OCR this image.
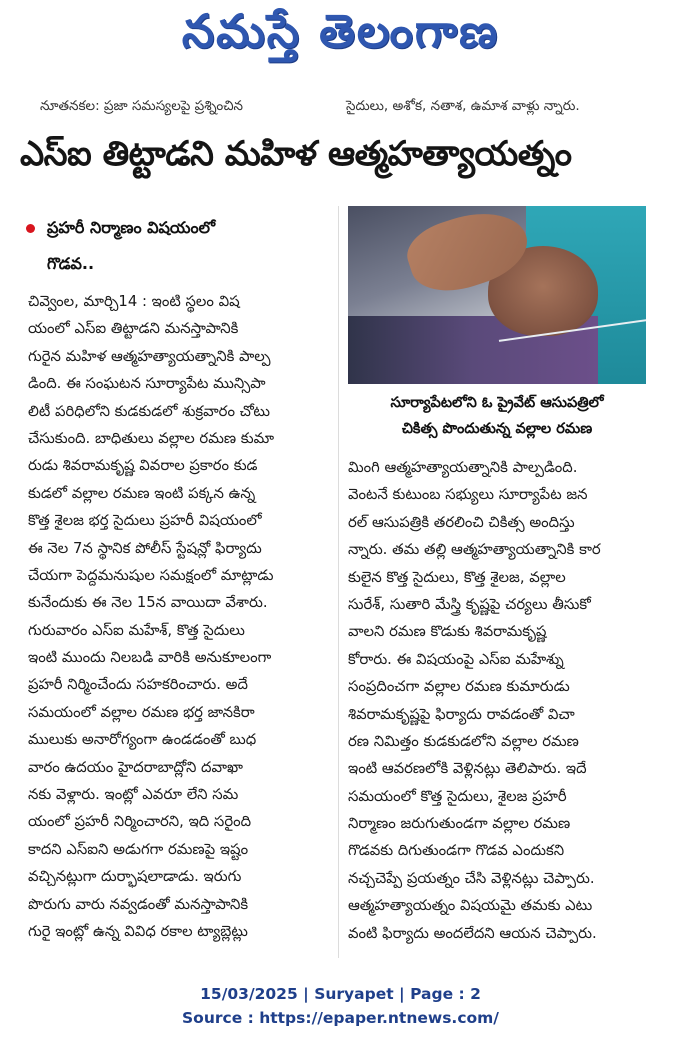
నమస్తే తెలంగాణ
నూతనకల: ప్రజా సమస్యలపై ప్రశ్నించిన	సైదులు, అశోక, నతాశ, ఉమాశ వాళ్లు న్నారు.
ఎస్ఐ తిట్టాడని మహిళ ఆత్మహత్యాయత్నం
ప్రహరీ నిర్మాణం విషయంలో
గొడవ..
సూర్యాపేటలోని ఓ ప్రైవేట్ ఆసుపత్రిలో
చికిత్స పొందుతున్న వల్లాల రమణ
చివ్వెంల, మార్చి14 : ఇంటి స్థలం విష
యంలో ఎస్ఐ తిట్టాడని మనస్తాపానికి
గురైన మహిళ ఆత్మహత్యాయత్నానికి పాల్ప
డింది. ఈ సంఘటన సూర్యాపేట మున్సిపా
లిటీ పరిధిలోని కుడకుడలో శుక్రవారం చోటు
చేసుకుంది. బాధితులు వల్లాల రమణ కుమా
రుడు శివరామకృష్ణ వివరాల ప్రకారం కుడ
కుడలో వల్లాల రమణ ఇంటి పక్కన ఉన్న
కొత్త శైలజ భర్త సైదులు ప్రహరీ విషయంలో
ఈ నెల 7న స్థానిక పోలీస్ స్టేషన్లో ఫిర్యాదు
చేయగా పెద్దమనుషుల సమక్షంలో మాట్లాడు
కునేందుకు ఈ నెల 15న వాయిదా వేశారు.
గురువారం ఎస్ఐ మహేశ్, కొత్త సైదులు
ఇంటి ముందు నిలబడి వారికి అనుకూలంగా
ప్రహరీ నిర్మించేందు సహకరించారు. అదే
సమయంలో వల్లాల రమణ భర్త జానకిరా
ములుకు అనారోగ్యంగా ఉండడంతో బుధ
వారం ఉదయం హైదరాబాద్లోని దవాఖా
నకు వెళ్లారు. ఇంట్లో ఎవరూ లేని సమ
యంలో ప్రహరీ నిర్మించారని, ఇది సరైంది
కాదని ఎస్ఐని అడుగగా రమణపై ఇష్టం
వచ్చినట్లుగా దుర్భాషలాడాడు. ఇరుగు
పొరుగు వారు నవ్వడంతో మనస్తాపానికి
గురై ఇంట్లో ఉన్న వివిధ రకాల ట్యాబ్లెట్లు
మింగి ఆత్మహత్యాయత్నానికి పాల్పడింది.
వెంటనే కుటుంబ సభ్యులు సూర్యాపేట జన
రల్ ఆసుపత్రికి తరలించి చికిత్స అందిస్తు
న్నారు. తమ తల్లి ఆత్మహత్యాయత్నానికి కార
కులైన కొత్త సైదులు, కొత్త శైలజ, వల్లాల
సురేశ్, సుతారి మేస్త్రి కృష్ణపై చర్యలు తీసుకో
వాలని రమణ కొడుకు శివరామకృష్ణ
కోరారు. ఈ విషయంపై ఎస్ఐ మహేశ్ను
సంప్రదించగా వల్లాల రమణ కుమారుడు
శివరామకృష్ణపై ఫిర్యాదు రావడంతో విచా
రణ నిమిత్తం కుడకుడలోని వల్లాల రమణ
ఇంటి ఆవరణలోకి వెళ్లినట్లు తెలిపారు. ఇదే
సమయంలో కొత్త సైదులు, శైలజ ప్రహరీ
నిర్మాణం జరుగుతుండగా వల్లాల రమణ
గొడవకు దిగుతుండగా గొడవ ఎందుకని
నచ్చచెప్పే ప్రయత్నం చేసి వెళ్లినట్లు చెప్పారు.
ఆత్మహత్యాయత్నం విషయమై తమకు ఎటు
వంటి ఫిర్యాదు అందలేదని ఆయన చెప్పారు.
15/03/2025 | Suryapet | Page : 2
Source : https://epaper.ntnews.com/
